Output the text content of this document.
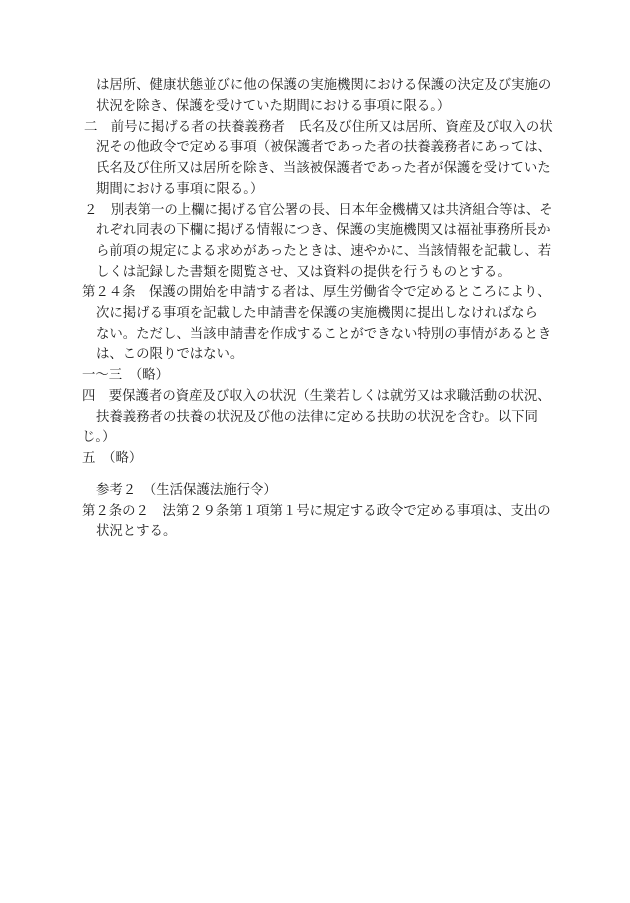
は居所、健康状態並びに他の保護の実施機関における保護の決定及び実施の
状況を除き、保護を受けていた期間における事項に限る。）
二　前号に掲げる者の扶養義務者　氏名及び住所又は居所、資産及び収入の状
況その他政令で定める事項（被保護者であった者の扶養義務者にあっては、
氏名及び住所又は居所を除き、当該被保護者であった者が保護を受けていた
期間における事項に限る。）
２　別表第一の上欄に掲げる官公署の長、日本年金機構又は共済組合等は、そ
れぞれ同表の下欄に掲げる情報につき、保護の実施機関又は福祉事務所長か
ら前項の規定による求めがあったときは、速やかに、当該情報を記載し、若
しくは記録した書類を閲覧させ、又は資料の提供を行うものとする。
第２４条　保護の開始を申請する者は、厚生労働省令で定めるところにより、
次に掲げる事項を記載した申請書を保護の実施機関に提出しなければなら
ない。ただし、当該申請書を作成することができない特別の事情があるとき
は、この限りではない。
一～三　（略）
四　要保護者の資産及び収入の状況（生業若しくは就労又は求職活動の状況、
扶養義務者の扶養の状況及び他の法律に定める扶助の状況を含む。以下同
じ。）
五　（略）
参考２　（生活保護法施行令）
第２条の２　法第２９条第１項第１号に規定する政令で定める事項は、支出の
状況とする。
